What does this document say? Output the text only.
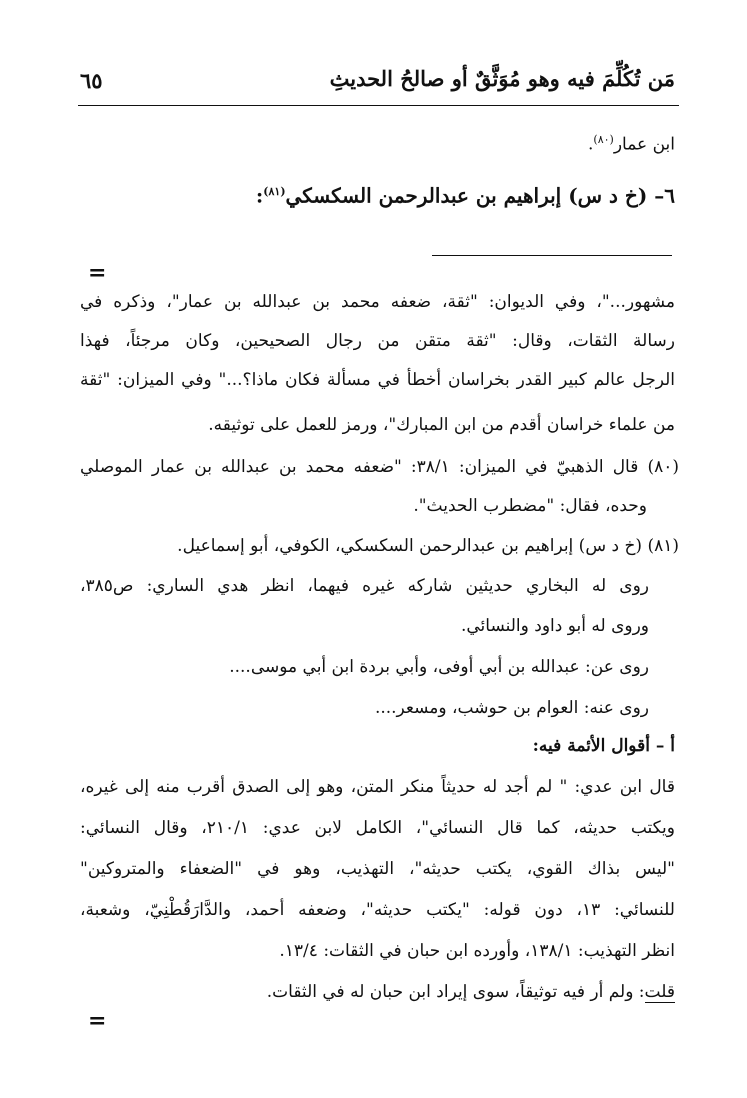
مَن تُكُلِّمَ فيه وهو مُوَثَّقٌ أو صالحُ الحديثِ
٦٥
ابن عمار$^{(٨٠)}$.
٦– (خ د س) إبراهيم بن عبدالرحمن السكسكي$^{(٨١)}$:
=
مشهور..."، وفي الديوان: "ثقة، ضعفه محمد بن عبدالله بن عمار"، وذكره في
رسالة الثقات، وقال: "ثقة متقن من رجال الصحيحين، وكان مرجئاً، فهذا
الرجل عالم كبير القدر بخراسان أخطأ في مسألة فكان ماذا؟..." وفي الميزان: "ثقة
من علماء خراسان أقدم من ابن المبارك"، ورمز للعمل على توثيقه.
(٨٠) قال الذهبيّ في الميزان: ٣٨/١: "ضعفه محمد بن عبدالله بن عمار الموصلي
وحده، فقال: "مضطرب الحديث".
(٨١) (خ د س) إبراهيم بن عبدالرحمن السكسكي، الكوفي، أبو إسماعيل.
روى له البخاري حديثين شاركه غيره فيهما، انظر هدي الساري: ص٣٨٥،
وروى له أبو داود والنسائي.
روى عن: عبدالله بن أبي أوفى، وأبي بردة ابن أبي موسى....
روى عنه: العوام بن حوشب، ومسعر....
أ – أقوال الأئمة فيه:
قال ابن عدي: " لم أجد له حديثاً منكر المتن، وهو إلى الصدق أقرب منه إلى غيره،
ويكتب حديثه، كما قال النسائي"، الكامل لابن عدي: ٢١٠/١، وقال النسائي:
"ليس بذاك القوي، يكتب حديثه"، التهذيب، وهو في "الضعفاء والمتروكين"
للنسائي: ١٣، دون قوله: "يكتب حديثه"، وضعفه أحمد، والدَّارَقُطْنِيّ، وشعبة،
انظر التهذيب: ١٣٨/١، وأورده ابن حبان في الثقات: ١٣/٤.
قلت: ولم أر فيه توثيقاً، سوى إيراد ابن حبان له في الثقات.
=
